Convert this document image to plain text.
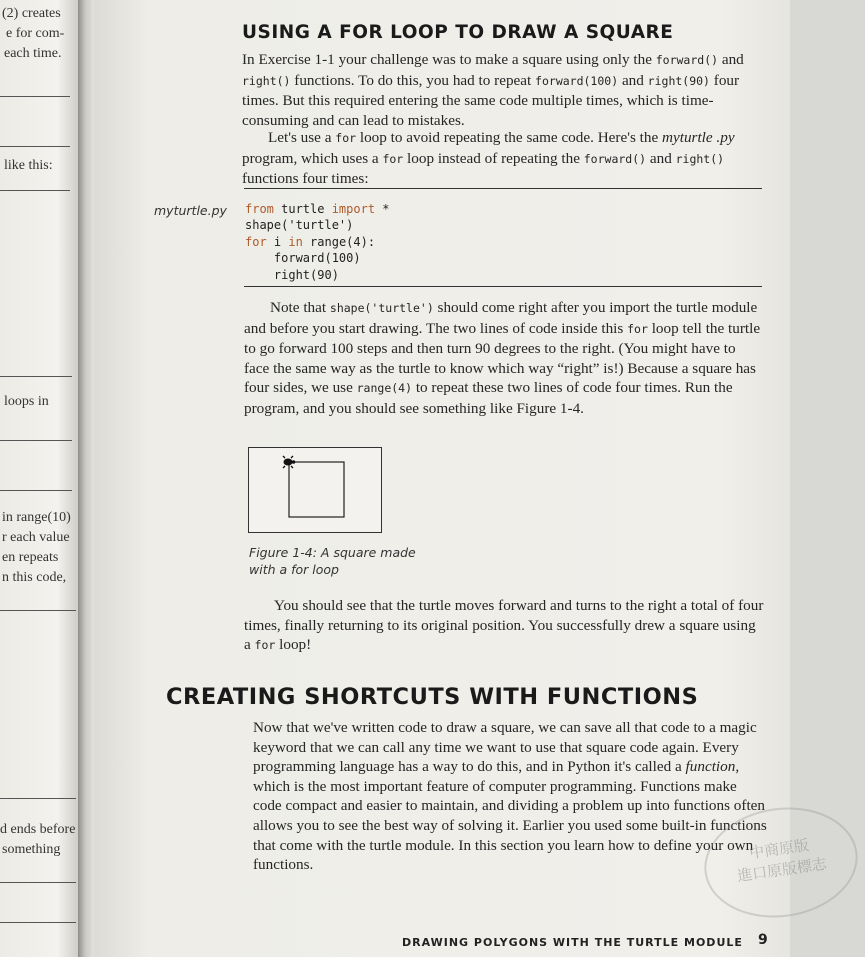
(2) creates
e for com-
each time.
like this:
loops in
in range(10)
r each value
en repeats
n this code,
d ends before
something
USING A FOR LOOP TO DRAW A SQUARE

In Exercise 1-1 your challenge was to make a square using only the forward() and right() functions. To do this, you had to repeat forward(100) and right(90) four times. But this required entering the same code multiple times, which is time-consuming and can lead to mistakes.

Let's use a for loop to avoid repeating the same code. Here's the myturtle .py program, which uses a for loop instead of repeating the forward() and right() functions four times:

myturtle.py from turtle import *
shape('turtle')
for i in range(4):
forward(100)
right(90)

Note that shape('turtle') should come right after you import the turtle module and before you start drawing. The two lines of code inside this for loop tell the turtle to go forward 100 steps and then turn 90 degrees to the right. (You might have to face the same way as the turtle to know which way “right” is!) Because a square has four sides, we use range(4) to repeat these two lines of code four times. Run the program, and you should see something like Figure 1-4.

Figure 1-4: A square made
with a for loop

You should see that the turtle moves forward and turns to the right a total of four times, finally returning to its original position. You successfully drew a square using a for loop!

CREATING SHORTCUTS WITH FUNCTIONS

Now that we've written code to draw a square, we can save all that code to a magic keyword that we can call any time we want to use that square code again. Every programming language has a way to do this, and in Python it's called a function, which is the most important feature of computer programming. Functions make code compact and easier to maintain, and dividing a problem up into functions often allows you to see the best way of solving it. Earlier you used some built-in functions that come with the turtle module. In this section you learn how to define your own functions.

中商原版
進口原版標志
DRAWING POLYGONS WITH THE TURTLE MODULE 9
